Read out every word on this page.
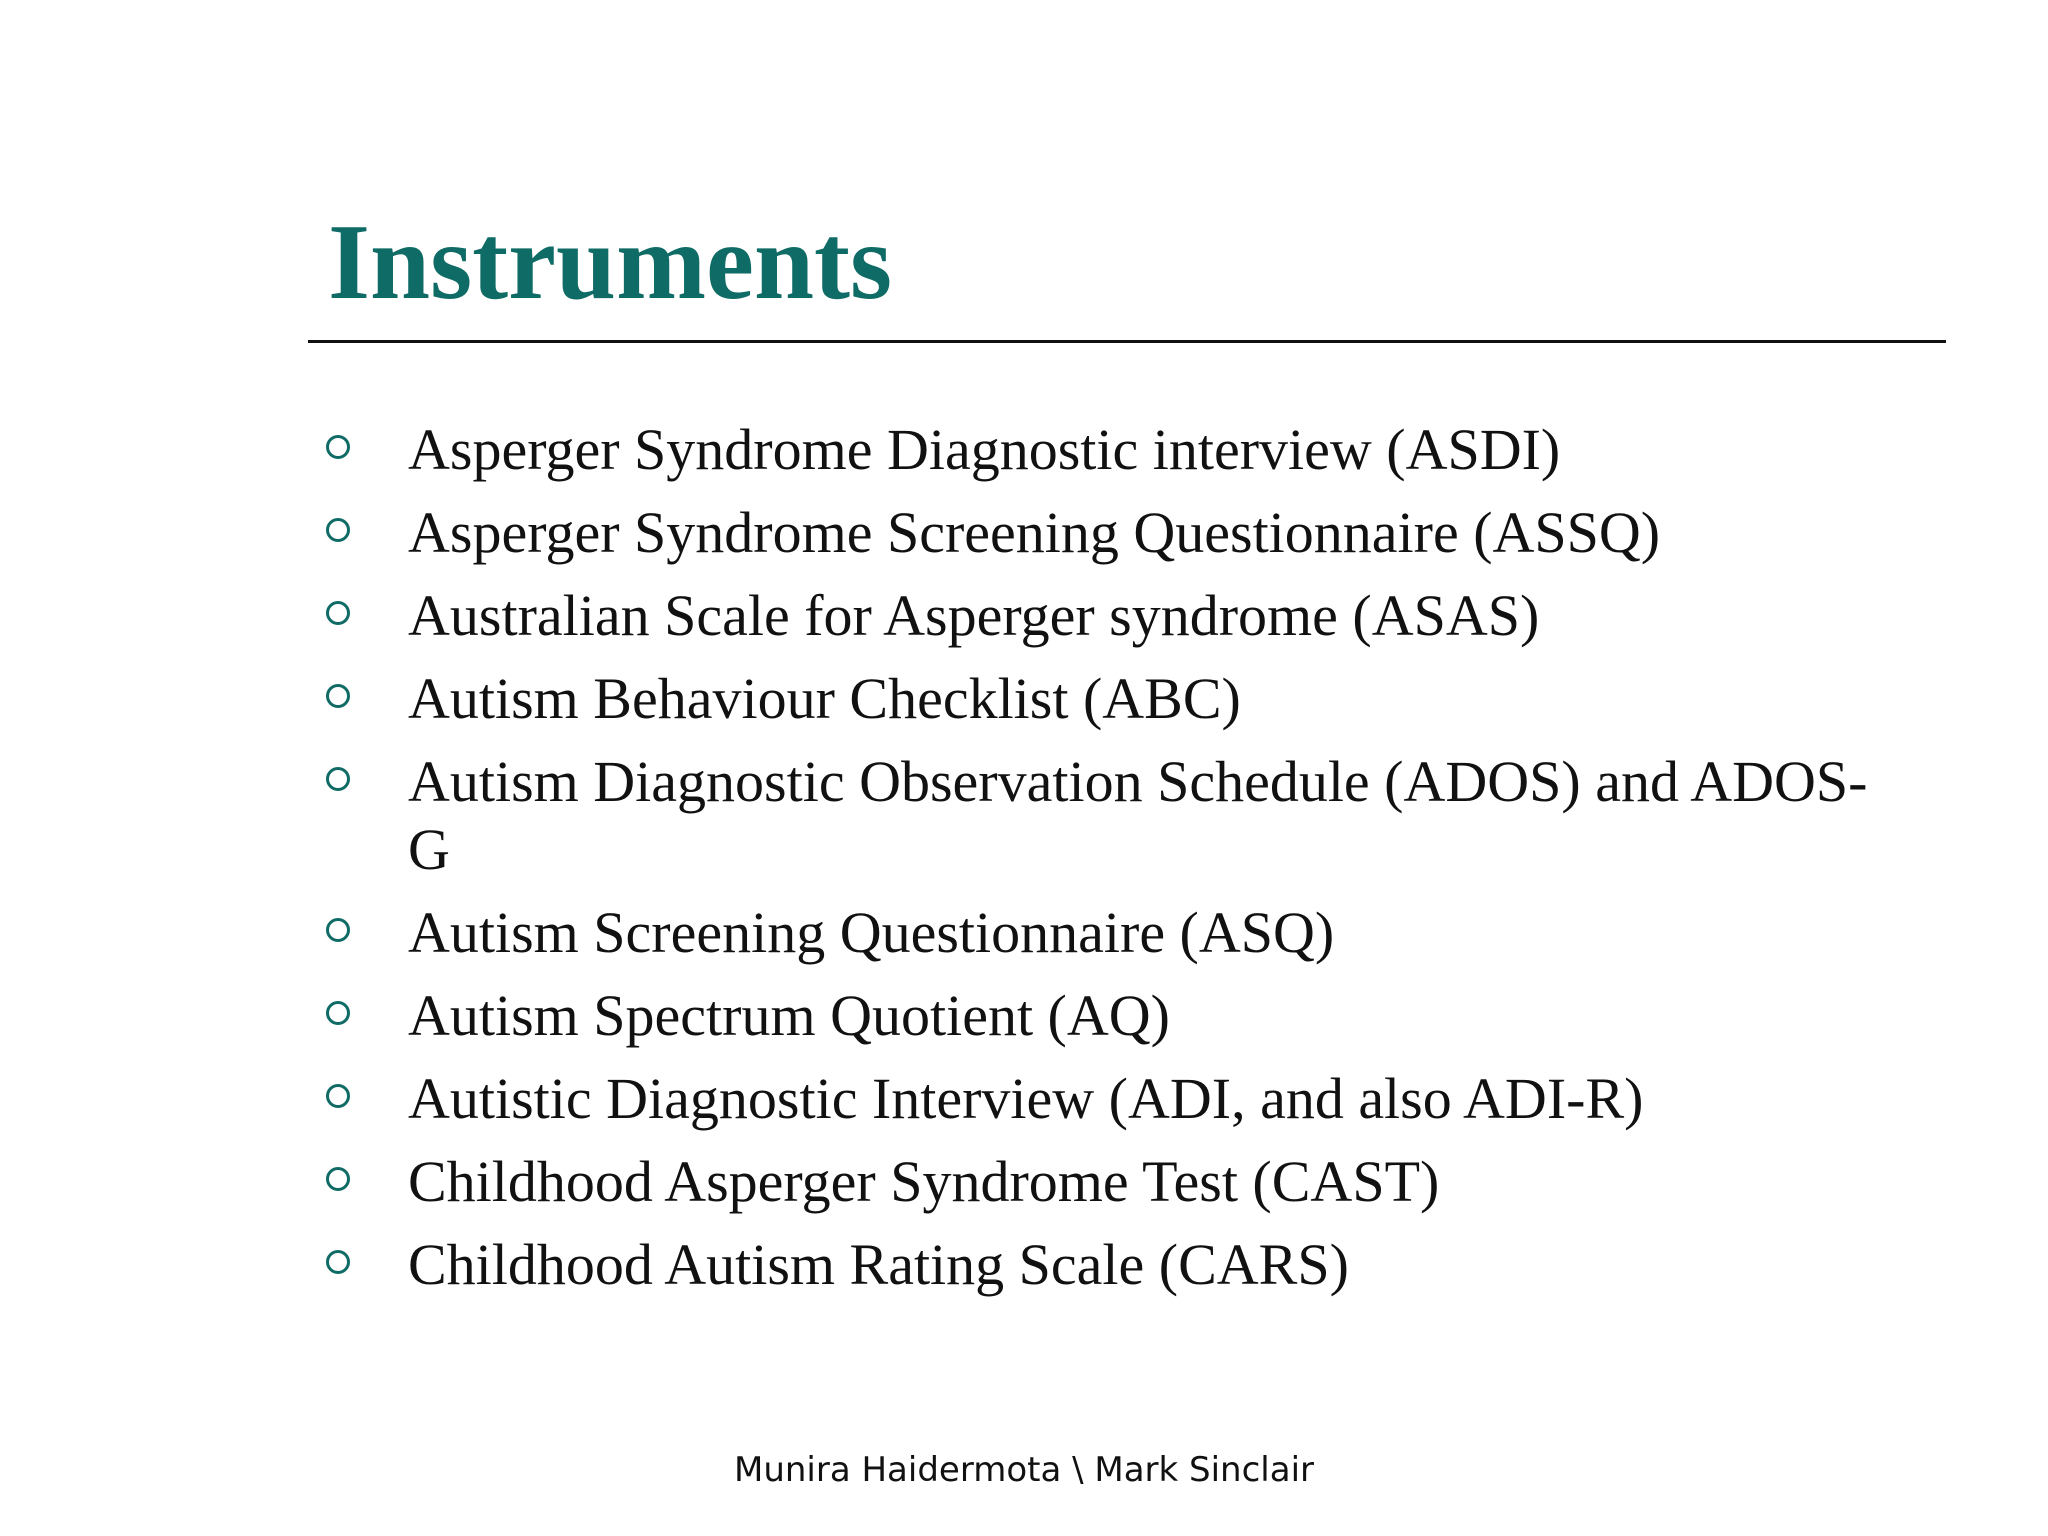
Instruments
Asperger Syndrome Diagnostic interview (ASDI)
Asperger Syndrome Screening Questionnaire (ASSQ)
Australian Scale for Asperger syndrome (ASAS)
Autism Behaviour Checklist (ABC)
Autism Diagnostic Observation Schedule (ADOS) and ADOS-G
Autism Screening Questionnaire (ASQ)
Autism Spectrum Quotient (AQ)
Autistic Diagnostic Interview (ADI, and also ADI-R)
Childhood Asperger Syndrome Test (CAST)
Childhood Autism Rating Scale (CARS)
Munira Haidermota \ Mark Sinclair
